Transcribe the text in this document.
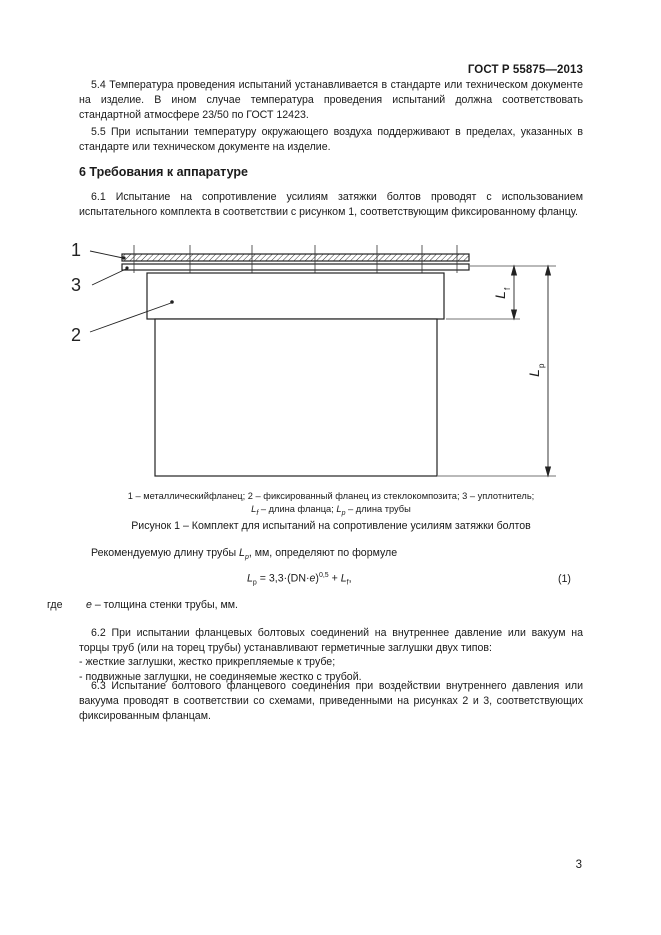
ГОСТ Р 55875—2013

5.4 Температура проведения испытаний устанавливается в стандарте или техническом документе на изделие. В ином случае температура проведения испытаний должна соответствовать стандартной атмосфере 23/50 по ГОСТ 12423.

5.5 При испытании температуру окружающего воздуха поддерживают в пределах, указанных в стандарте или техническом документе на изделие.

6 Требования к аппаратуре

6.1 Испытание на сопротивление усилиям затяжки болтов проводят с использованием испытательного комплекта в соответствии с рисунком 1, соответствующим фиксированному фланцу.

L
f
L
p
1
3
2
1 – металлическийфланец; 2 – фиксированный фланец из стеклокомпозита; 3 – уплотнитель;
$L_f$ – длина фланца; $L_p$ – длина трубы
Рисунок 1 – Комплект для испытаний на сопротивление усилиям затяжки болтов
Рекомендуемую длину трубы $L_p$, мм, определяют по формуле
$L_p = 3,3\cdot(DN\cdot e)^{0,5} + L_f$,	(1)
где e – толщина стенки трубы, мм.

6.2 При испытании фланцевых болтовых соединений на внутреннее давление или вакуум на торцы труб (или на торец трубы) устанавливают герметичные заглушки двух типов:

- жесткие заглушки, жестко прикрепляемые к трубе;
- подвижные заглушки, не соединяемые жестко с трубой.

6.3 Испытание болтового фланцевого соединения при воздействии внутреннего давления или вакуума проводят в соответствии со схемами, приведенными на рисунках 2 и 3, соответствующих фиксированным фланцам.

3
